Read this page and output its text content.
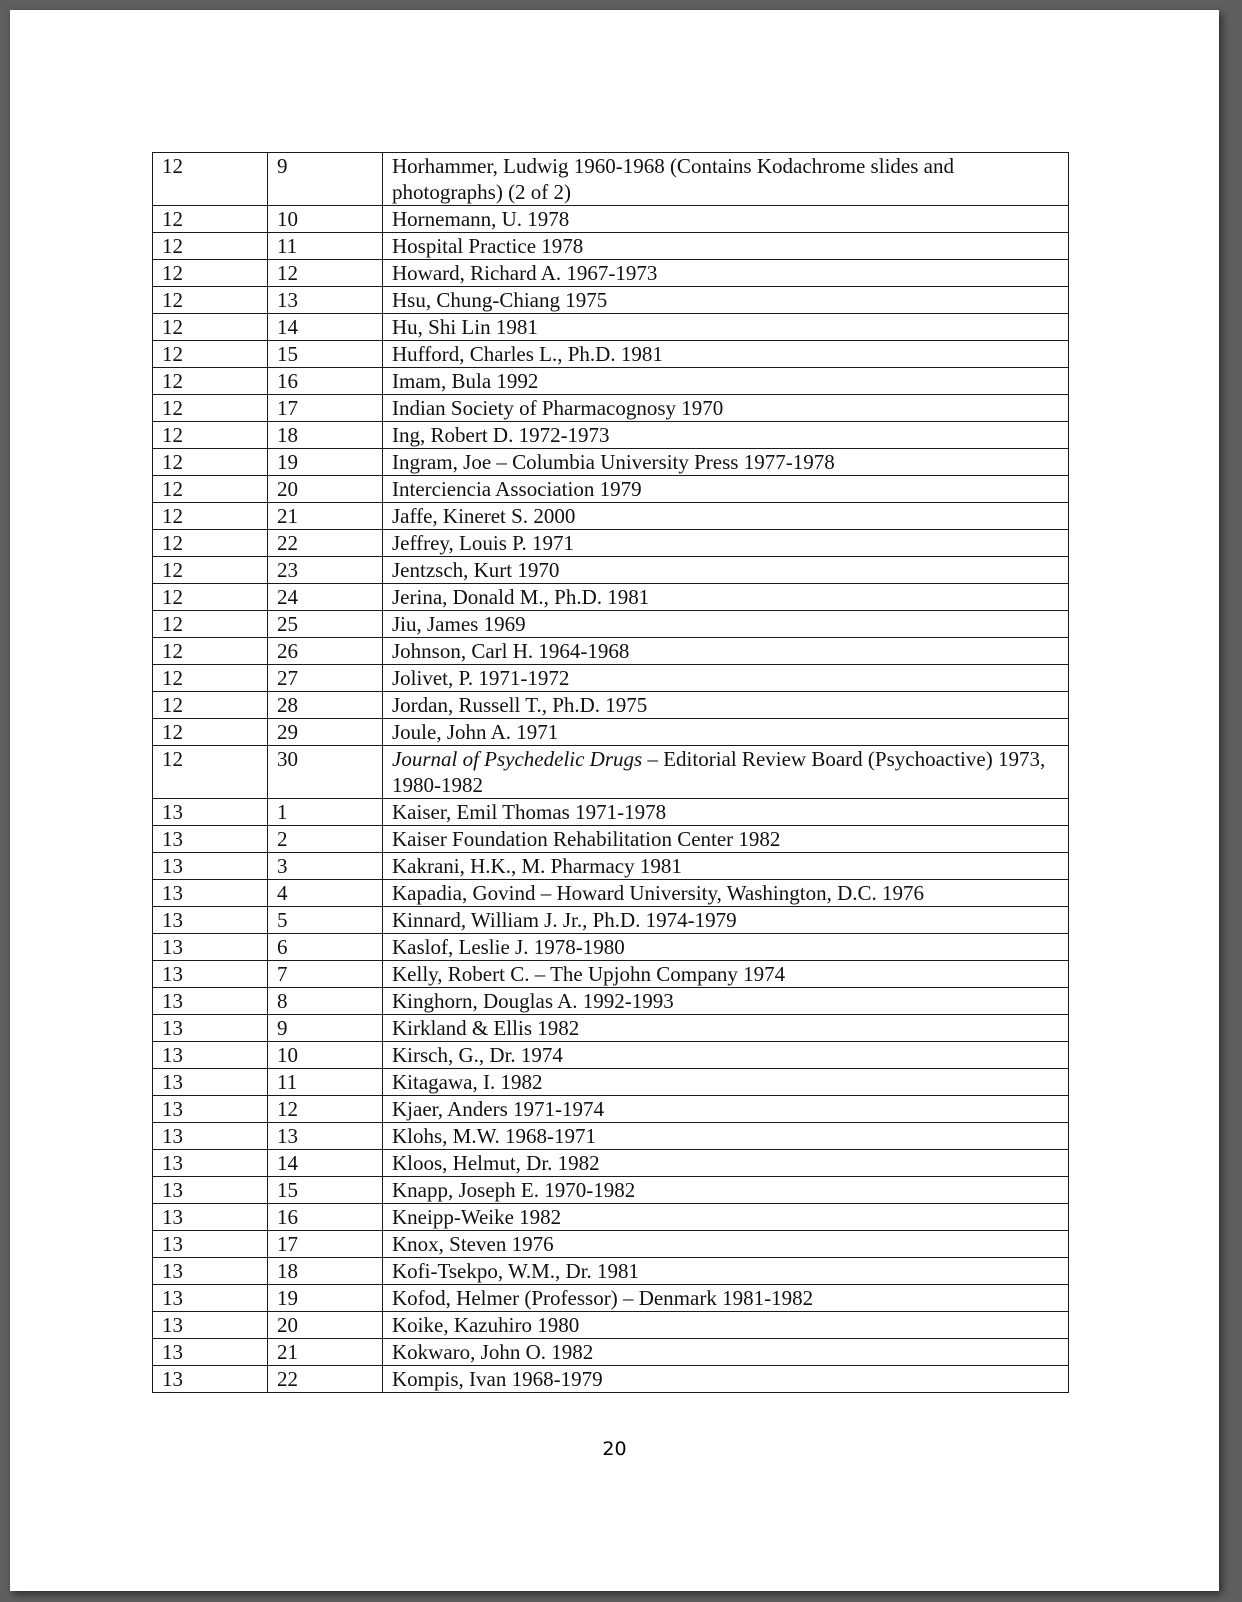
12	9	Horhammer, Ludwig 1960-1968 (Contains Kodachrome slides and photographs) (2 of 2)
12	10	Hornemann, U. 1978
12	11	Hospital Practice 1978
12	12	Howard, Richard A. 1967-1973
12	13	Hsu, Chung-Chiang 1975
12	14	Hu, Shi Lin 1981
12	15	Hufford, Charles L., Ph.D. 1981
12	16	Imam, Bula 1992
12	17	Indian Society of Pharmacognosy 1970
12	18	Ing, Robert D. 1972-1973
12	19	Ingram, Joe – Columbia University Press 1977-1978
12	20	Interciencia Association 1979
12	21	Jaffe, Kineret S. 2000
12	22	Jeffrey, Louis P. 1971
12	23	Jentzsch, Kurt 1970
12	24	Jerina, Donald M., Ph.D. 1981
12	25	Jiu, James 1969
12	26	Johnson, Carl H. 1964-1968
12	27	Jolivet, P. 1971-1972
12	28	Jordan, Russell T., Ph.D. 1975
12	29	Joule, John A. 1971
12	30	Journal of Psychedelic Drugs – Editorial Review Board (Psychoactive) 1973, 1980-1982
13	1	Kaiser, Emil Thomas 1971-1978
13	2	Kaiser Foundation Rehabilitation Center 1982
13	3	Kakrani, H.K., M. Pharmacy 1981
13	4	Kapadia, Govind – Howard University, Washington, D.C. 1976
13	5	Kinnard, William J. Jr., Ph.D. 1974-1979
13	6	Kaslof, Leslie J. 1978-1980
13	7	Kelly, Robert C. – The Upjohn Company 1974
13	8	Kinghorn, Douglas A. 1992-1993
13	9	Kirkland & Ellis 1982
13	10	Kirsch, G., Dr. 1974
13	11	Kitagawa, I. 1982
13	12	Kjaer, Anders 1971-1974
13	13	Klohs, M.W. 1968-1971
13	14	Kloos, Helmut, Dr. 1982
13	15	Knapp, Joseph E. 1970-1982
13	16	Kneipp-Weike 1982
13	17	Knox, Steven 1976
13	18	Kofi-Tsekpo, W.M., Dr. 1981
13	19	Kofod, Helmer (Professor) – Denmark 1981-1982
13	20	Koike, Kazuhiro 1980
13	21	Kokwaro, John O. 1982
13	22	Kompis, Ivan 1968-1979
20
